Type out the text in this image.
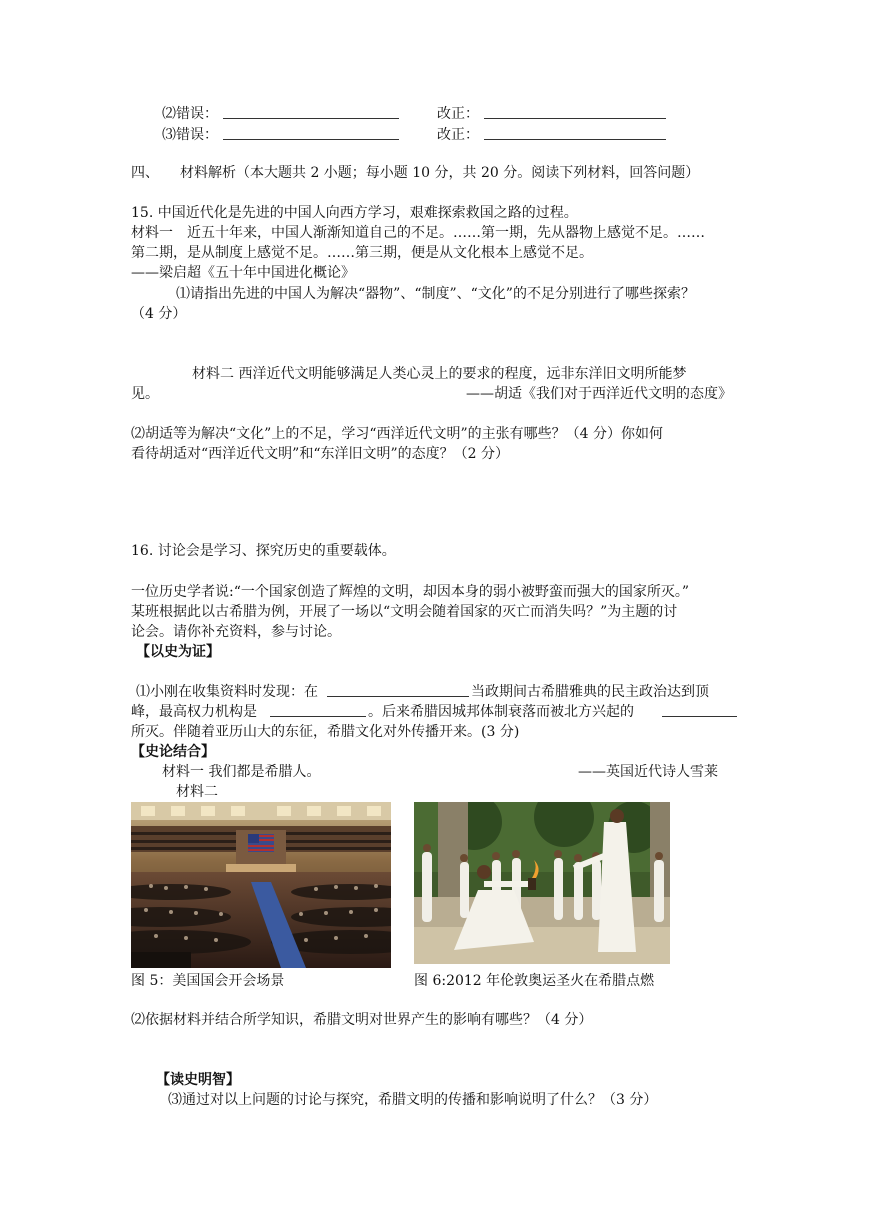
⑵错误：	改正：
⑶错误：	改正：
四、　　材料解析（本大题共 2 小题；每小题 10 分，共 20 分。阅读下列材料，回答问题）
15. 中国近代化是先进的中国人向西方学习，艰难探索救国之路的过程。
材料一　近五十年来，中国人渐渐知道自己的不足。……第一期，先从器物上感觉不足。……
第二期，是从制度上感觉不足。……第三期，便是从文化根本上感觉不足。
——梁启超《五十年中国进化概论》
⑴请指出先进的中国人为解决“器物”、“制度”、“文化”的不足分别进行了哪些探索？
（4 分）
材料二 西洋近代文明能够满足人类心灵上的要求的程度，远非东洋旧文明所能梦
见。	——胡适《我们对于西洋近代文明的态度》
⑵胡适等为解决“文化”上的不足，学习“西洋近代文明”的主张有哪些？（4 分）你如何
看待胡适对“西洋近代文明”和“东洋旧文明”的态度？（2 分）
16. 讨论会是学习、探究历史的重要载体。
一位历史学者说:“一个国家创造了辉煌的文明，却因本身的弱小被野蛮而强大的国家所灭。”
某班根据此以古希腊为例，开展了一场以“文明会随着国家的灭亡而消失吗？”为主题的讨
论会。请你补充资料，参与讨论。
【以史为证】
⑴小刚在收集资料时发现：在	当政期间古希腊雅典的民主政治达到顶
峰，最高权力机构是	。后来希腊因城邦体制衰落而被北方兴起的
所灭。伴随着亚历山大的东征，希腊文化对外传播开来。(3 分)
【史论结合】
材料一 我们都是希腊人。	——英国近代诗人雪莱
材料二
图 5：美国国会开会场景	图 6:2012 年伦敦奥运圣火在希腊点燃
⑵依据材料并结合所学知识，希腊文明对世界产生的影响有哪些？（4 分）
【读史明智】
⑶通过对以上问题的讨论与探究，希腊文明的传播和影响说明了什么？（3 分）
